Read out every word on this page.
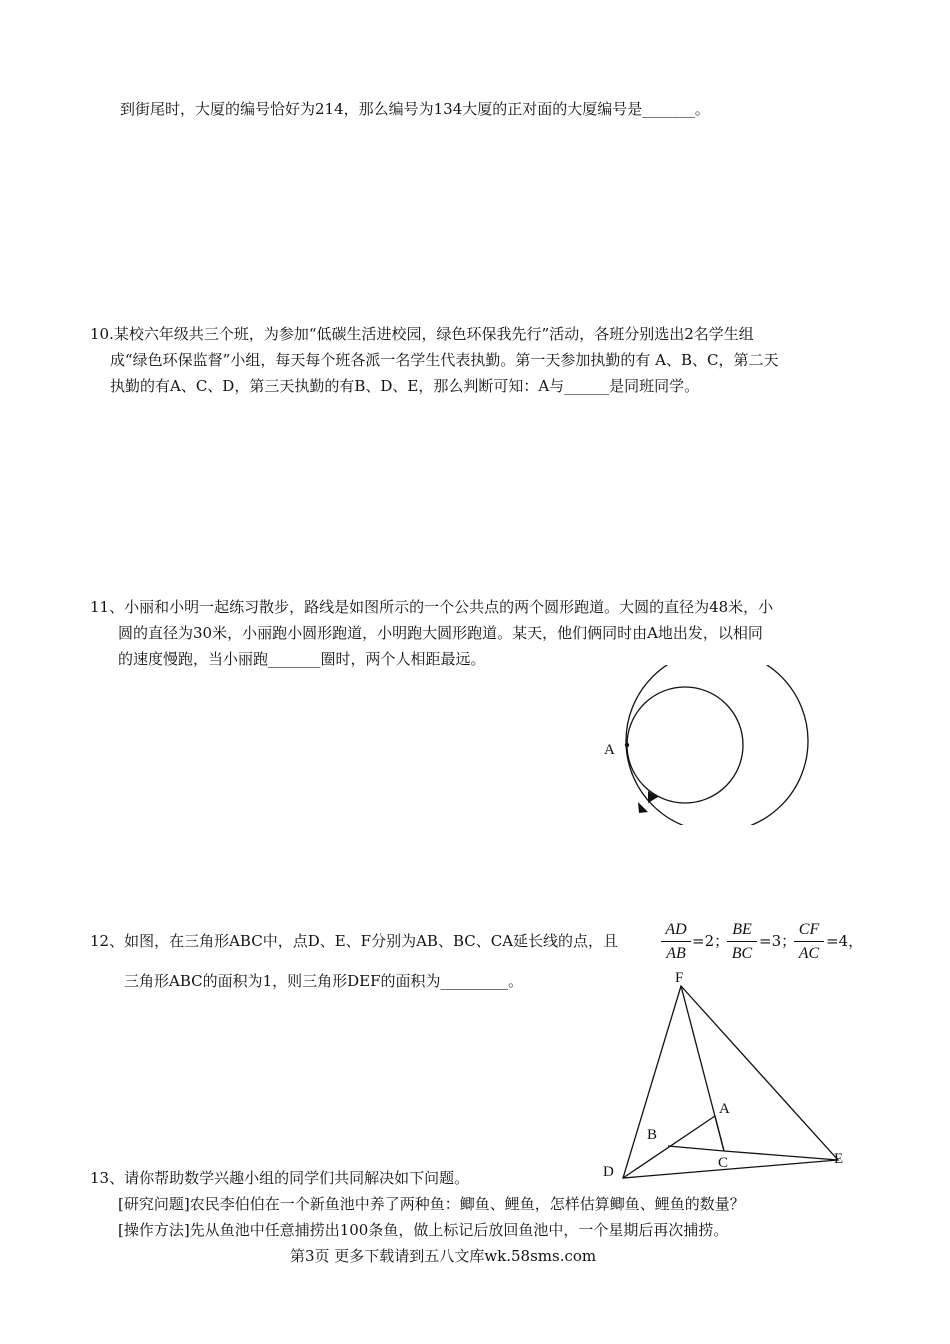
到街尾时，大厦的编号恰好为214，那么编号为134大厦的正对面的大厦编号是_______。
10.某校六年级共三个班，为参加“低碳生活进校园，绿色环保我先行”活动，各班分别选出2名学生组
成“绿色环保监督”小组，每天每个班各派一名学生代表执勤。第一天参加执勤的有 A、B、C，第二天
执勤的有A、C、D，第三天执勤的有B、D、E，那么判断可知：A与______是同班同学。
11、小丽和小明一起练习散步，路线是如图所示的一个公共点的两个圆形跑道。大圆的直径为48米，小
圆的直径为30米，小丽跑小圆形跑道，小明跑大圆形跑道。某天，他们俩同时由A地出发，以相同
的速度慢跑，当小丽跑_______圈时，两个人相距最远。
A
12、如图，在三角形ABC中，点D、E、F分别为AB、BC、CA延长线的点，且	$\frac{AD}{AB} =2$；
$\frac{BE}{BC} =3$；
$\frac{CF}{AC} =4$，
三角形ABC的面积为1，则三角形DEF的面积为_________。	F
A
B
C
D
E
13、请你帮助数学兴趣小组的同学们共同解决如下问题。
[研究问题]农民李伯伯在一个新鱼池中养了两种鱼：鲫鱼、鲤鱼，怎样估算鲫鱼、鲤鱼的数量？
[操作方法]先从鱼池中任意捕捞出100条鱼，做上标记后放回鱼池中，一个星期后再次捕捞。
第3页 更多下载请到五八文库wk.58sms.com
